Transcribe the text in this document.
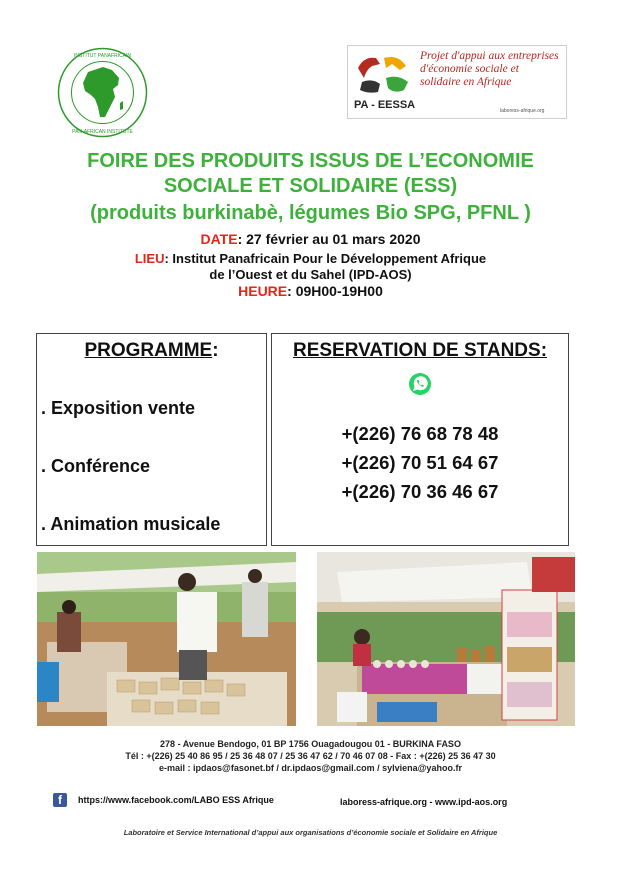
INSTITUT PANAFRICAIN
PAN-AFRICAN INSTITUTE
Projet d'appui aux entreprises d'économie sociale et solidaire en Afrique
PA - EESSA	laboress-afrique.org
FOIRE DES PRODUITS ISSUS DE L’ECONOMIE
SOCIALE ET SOLIDAIRE (ESS)
(produits burkinabè, légumes Bio SPG, PFNL )
DATE: 27 février au 01 mars 2020
LIEU: Institut Panafricain Pour le Développement Afrique
de l’Ouest et du Sahel (IPD-AOS)
HEURE: 09H00-19H00
PROGRAMME:
. Exposition vente
. Conférence
. Animation musicale
RESERVATION DE STANDS:
+(226) 76 68 78 48
+(226) 70 51 64 67
+(226) 70 36 46 67
278 - Avenue Bendogo, 01 BP 1756 Ouagadougou 01 - BURKINA FASO
Tél : +(226) 25 40 86 95 / 25 36 48 07 / 25 36 47 62 / 70 46 07 08 - Fax : +(226) 25 36 47 30
e-mail : ipdaos@fasonet.bf / dr.ipdaos@gmail.com / sylviena@yahoo.fr
f	https://www.facebook.com/LABO ESS Afrique	laboress-afrique.org - www.ipd-aos.org
Laboratoire et Service International d’appui aux organisations d’économie sociale et Solidaire en Afrique
